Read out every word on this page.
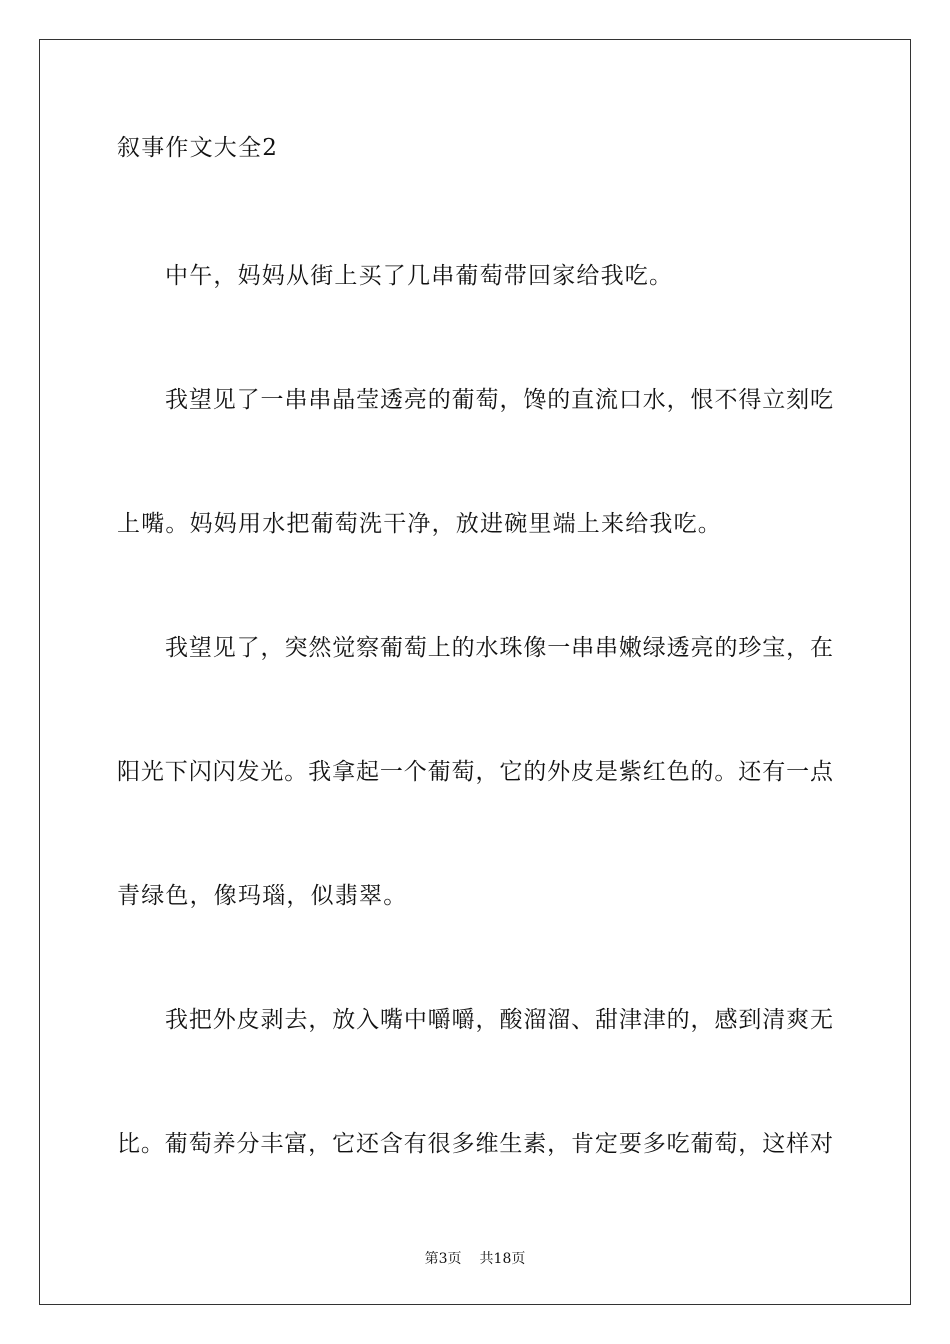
叙事作文大全2
中午，妈妈从街上买了几串葡萄带回家给我吃。
我望见了一串串晶莹透亮的葡萄，馋的直流口水，恨不得立刻吃
上嘴。妈妈用水把葡萄洗干净，放进碗里端上来给我吃。
我望见了，突然觉察葡萄上的水珠像一串串嫩绿透亮的珍宝，在
阳光下闪闪发光。我拿起一个葡萄，它的外皮是紫红色的。还有一点
青绿色，像玛瑙，似翡翠。
我把外皮剥去，放入嘴中嚼嚼，酸溜溜、甜津津的，感到清爽无
比。葡萄养分丰富，它还含有很多维生素，肯定要多吃葡萄，这样对
第3页 共18页
